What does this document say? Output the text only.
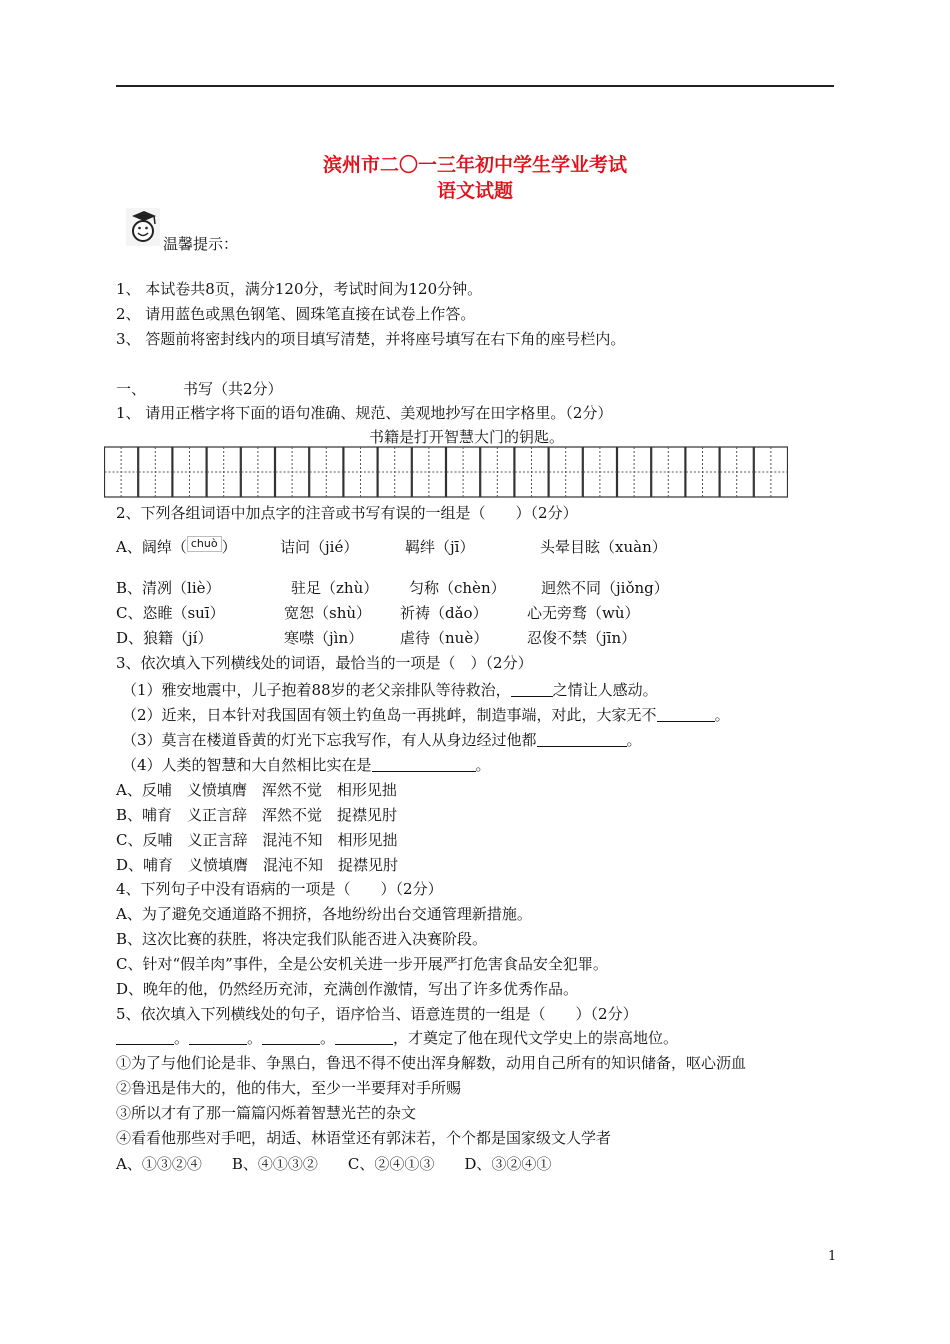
滨州市二〇一三年初中学生学业考试
语文试题
温馨提示：
1、 本试卷共8页，满分120分，考试时间为120分钟。
2、 请用蓝色或黑色钢笔、圆珠笔直接在试卷上作答。
3、 答题前将密封线内的项目填写清楚，并将座号填写在右下角的座号栏内。
一、 书写（共2分）
1、 请用正楷字将下面的语句准确、规范、美观地抄写在田字格里。（2分）
书籍是打开智慧大门的钥匙。
2、下列各组词语中加点字的注音或书写有误的一组是（　　）（2分）
A、阔绰（ chuò ）	诘问（jié）	羁绊（jī）	头晕目眩（xuàn）
B、清冽（liè）	驻足（zhù） 匀称（chèn） 迥然不同（jiǒng）
C、恣睢（suī）	宽恕（shù） 祈祷（dǎo）	心无旁骛（wù）
D、狼籍（jí）	寒噤（jìn） 虐待（nuè）	忍俊不禁（jīn）
3、依次填入下列横线处的词语，最恰当的一项是（　）（2分）
（1）雅安地震中，儿子抱着88岁的老父亲排队等待救治，	之情让人感动。
（2）近来，日本针对我国固有领土钓鱼岛一再挑衅，制造事端，对此，大家无不	。
（3）莫言在楼道昏黄的灯光下忘我写作，有人从身边经过他都	。
（4）人类的智慧和大自然相比实在是	。
A、反哺　义愤填膺　浑然不觉　相形见拙
B、哺育　义正言辞　浑然不觉　捉襟见肘
C、反哺　义正言辞　混沌不知　相形见拙
D、哺育　义愤填膺　混沌不知　捉襟见肘
4、下列句子中没有语病的一项是（　　）（2分）
A、为了避免交通道路不拥挤，各地纷纷出台交通管理新措施。
B、这次比赛的获胜，将决定我们队能否进入决赛阶段。
C、针对“假羊肉”事件，全是公安机关进一步开展严打危害食品安全犯罪。
D、晚年的他，仍然经历充沛，充满创作激情，写出了许多优秀作品。
5、依次填入下列横线处的句子，语序恰当、语意连贯的一组是（　　）（2分）
。	。	。	，才奠定了他在现代文学史上的崇高地位。
①为了与他们论是非、争黑白，鲁迅不得不使出浑身解数，动用自己所有的知识储备，呕心沥血
②鲁迅是伟大的，他的伟大，至少一半要拜对手所赐
③所以才有了那一篇篇闪烁着智慧光芒的杂文
④看看他那些对手吧，胡适、林语堂还有郭沫若，个个都是国家级文人学者
A、①③②④　　B、④①③②　　C、②④①③　　D、③②④①
1
